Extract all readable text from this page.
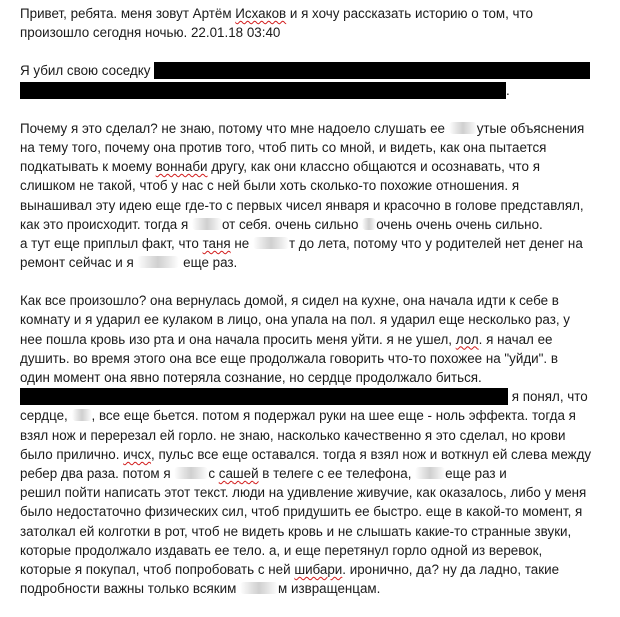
Привет, ребята. меня зовут Артём Исхаков и я хочу рассказать историю о том, что
произошло сегодня ночью. 22.01.18 03:40
Я убил свою соседку
.
Почему я это сделал? не знаю, потому что мне надоело слушать ее утые объяснения
на тему того, почему она против того, чтоб пить со мной, и видеть, как она пытается
подкатывать к моему воннаби другу, как они классно общаются и осознавать, что я
слишком не такой, чтоб у нас с ней были хоть сколько-то похожие отношения. я
вынашивал эту идею еще где-то с первых чисел января и красочно в голове представлял,
как это происходит. тогда я от себя. очень сильно очень очень очень сильно.
а тут еще приплыл факт, что таня не	т до лета, потому что у родителей нет денег на
ремонт сейчас и я	еще раз.
Как все произошло? она вернулась домой, я сидел на кухне, она начала идти к себе в
комнату и я ударил ее кулаком в лицо, она упала на пол. я ударил еще несколько раз, у
нее пошла кровь изо рта и она начала просить меня уйти. я не ушел, лол. я начал ее
душить. во время этого она все еще продолжала говорить что-то похожее на "уйди". в
один момент она явно потеряла сознание, но сердце продолжало биться.
я понял, что
сердце, , все еще бьется. потом я подержал руки на шее еще - ноль эффекта. тогда я
взял нож и перерезал ей горло. не знаю, насколько качественно я это сделал, но крови
было прилично. ичсх, пульс все еще оставался. тогда я взял нож и воткнул ей слева между
ребер два раза. потом я	с сашей в телеге с ее телефона, еще раз и
решил пойти написать этот текст. люди на удивление живучие, как оказалось, либо у меня
было недостаточно физических сил, чтоб придушить ее быстро. еще в какой-то момент, я
затолкал ей колготки в рот, чтоб не видеть кровь и не слышать какие-то странные звуки,
которые продолжало издавать ее тело. а, и еще перетянул горло одной из веревок,
которые я покупал, чтоб попробовать с ней шибари. иронично, да? ну да ладно, такие
подробности важны только всяким	м извращенцам.
